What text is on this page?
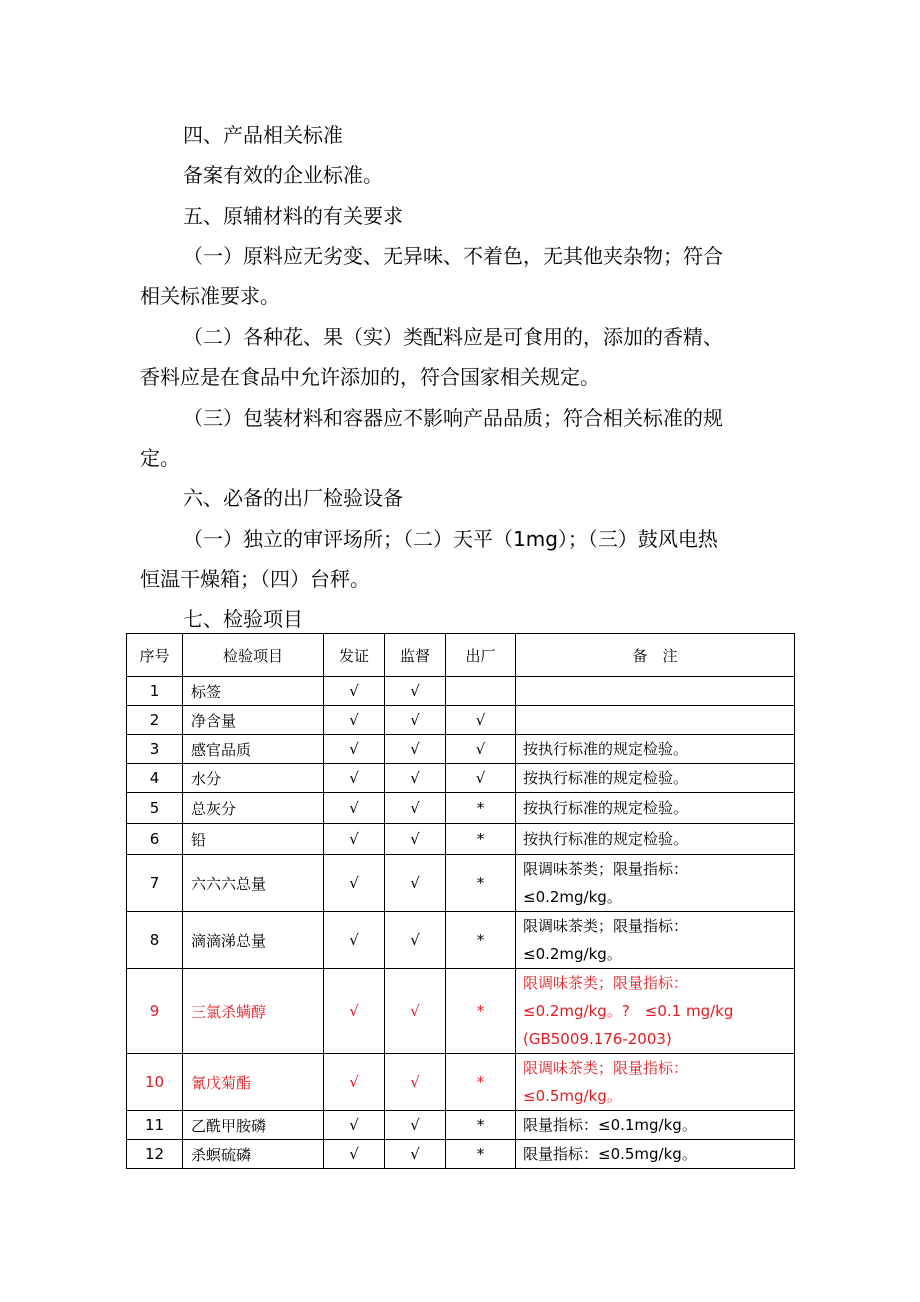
四、产品相关标准

备案有效的企业标准。

五、原辅材料的有关要求

（一）原料应无劣变、无异味、不着色，无其他夹杂物；符合

相关标准要求。

（二）各种花、果（实）类配料应是可食用的，添加的香精、

香料应是在食品中允许添加的，符合国家相关规定。

（三）包装材料和容器应不影响产品品质；符合相关标准的规

定。

六、必备的出厂检验设备

（一）独立的审评场所；（二）天平（1mg）；（三）鼓风电热

恒温干燥箱；（四）台秤。

七、检验项目

序号	检验项目	发证	监督	出厂	备　注
1	标签	√	√		

2	净含量	√	√	√	

3	感官品质	√	√	√	按执行标准的规定检验。

4	水分	√	√	√	按执行标准的规定检验。

5	总灰分	√	√	*	按执行标准的规定检验。

6	铅	√	√	*	按执行标准的规定检验。

7	六六六总量	√	√	*	限调味茶类；限量指标：
≤0.2mg/kg。

8	滴滴涕总量	√	√	*	限调味茶类；限量指标：
≤0.2mg/kg。

9	三氯杀螨醇	√	√	*	限调味茶类；限量指标：
≤0.2mg/kg。?　≤0.1 mg/kg
(GB5009.176-2003)

10	氰戊菊酯	√	√	*	限调味茶类；限量指标：
≤0.5mg/kg。

11	乙酰甲胺磷	√	√	*	限量指标：≤0.1mg/kg。

12	杀螟硫磷	√	√	*	限量指标：≤0.5mg/kg。
